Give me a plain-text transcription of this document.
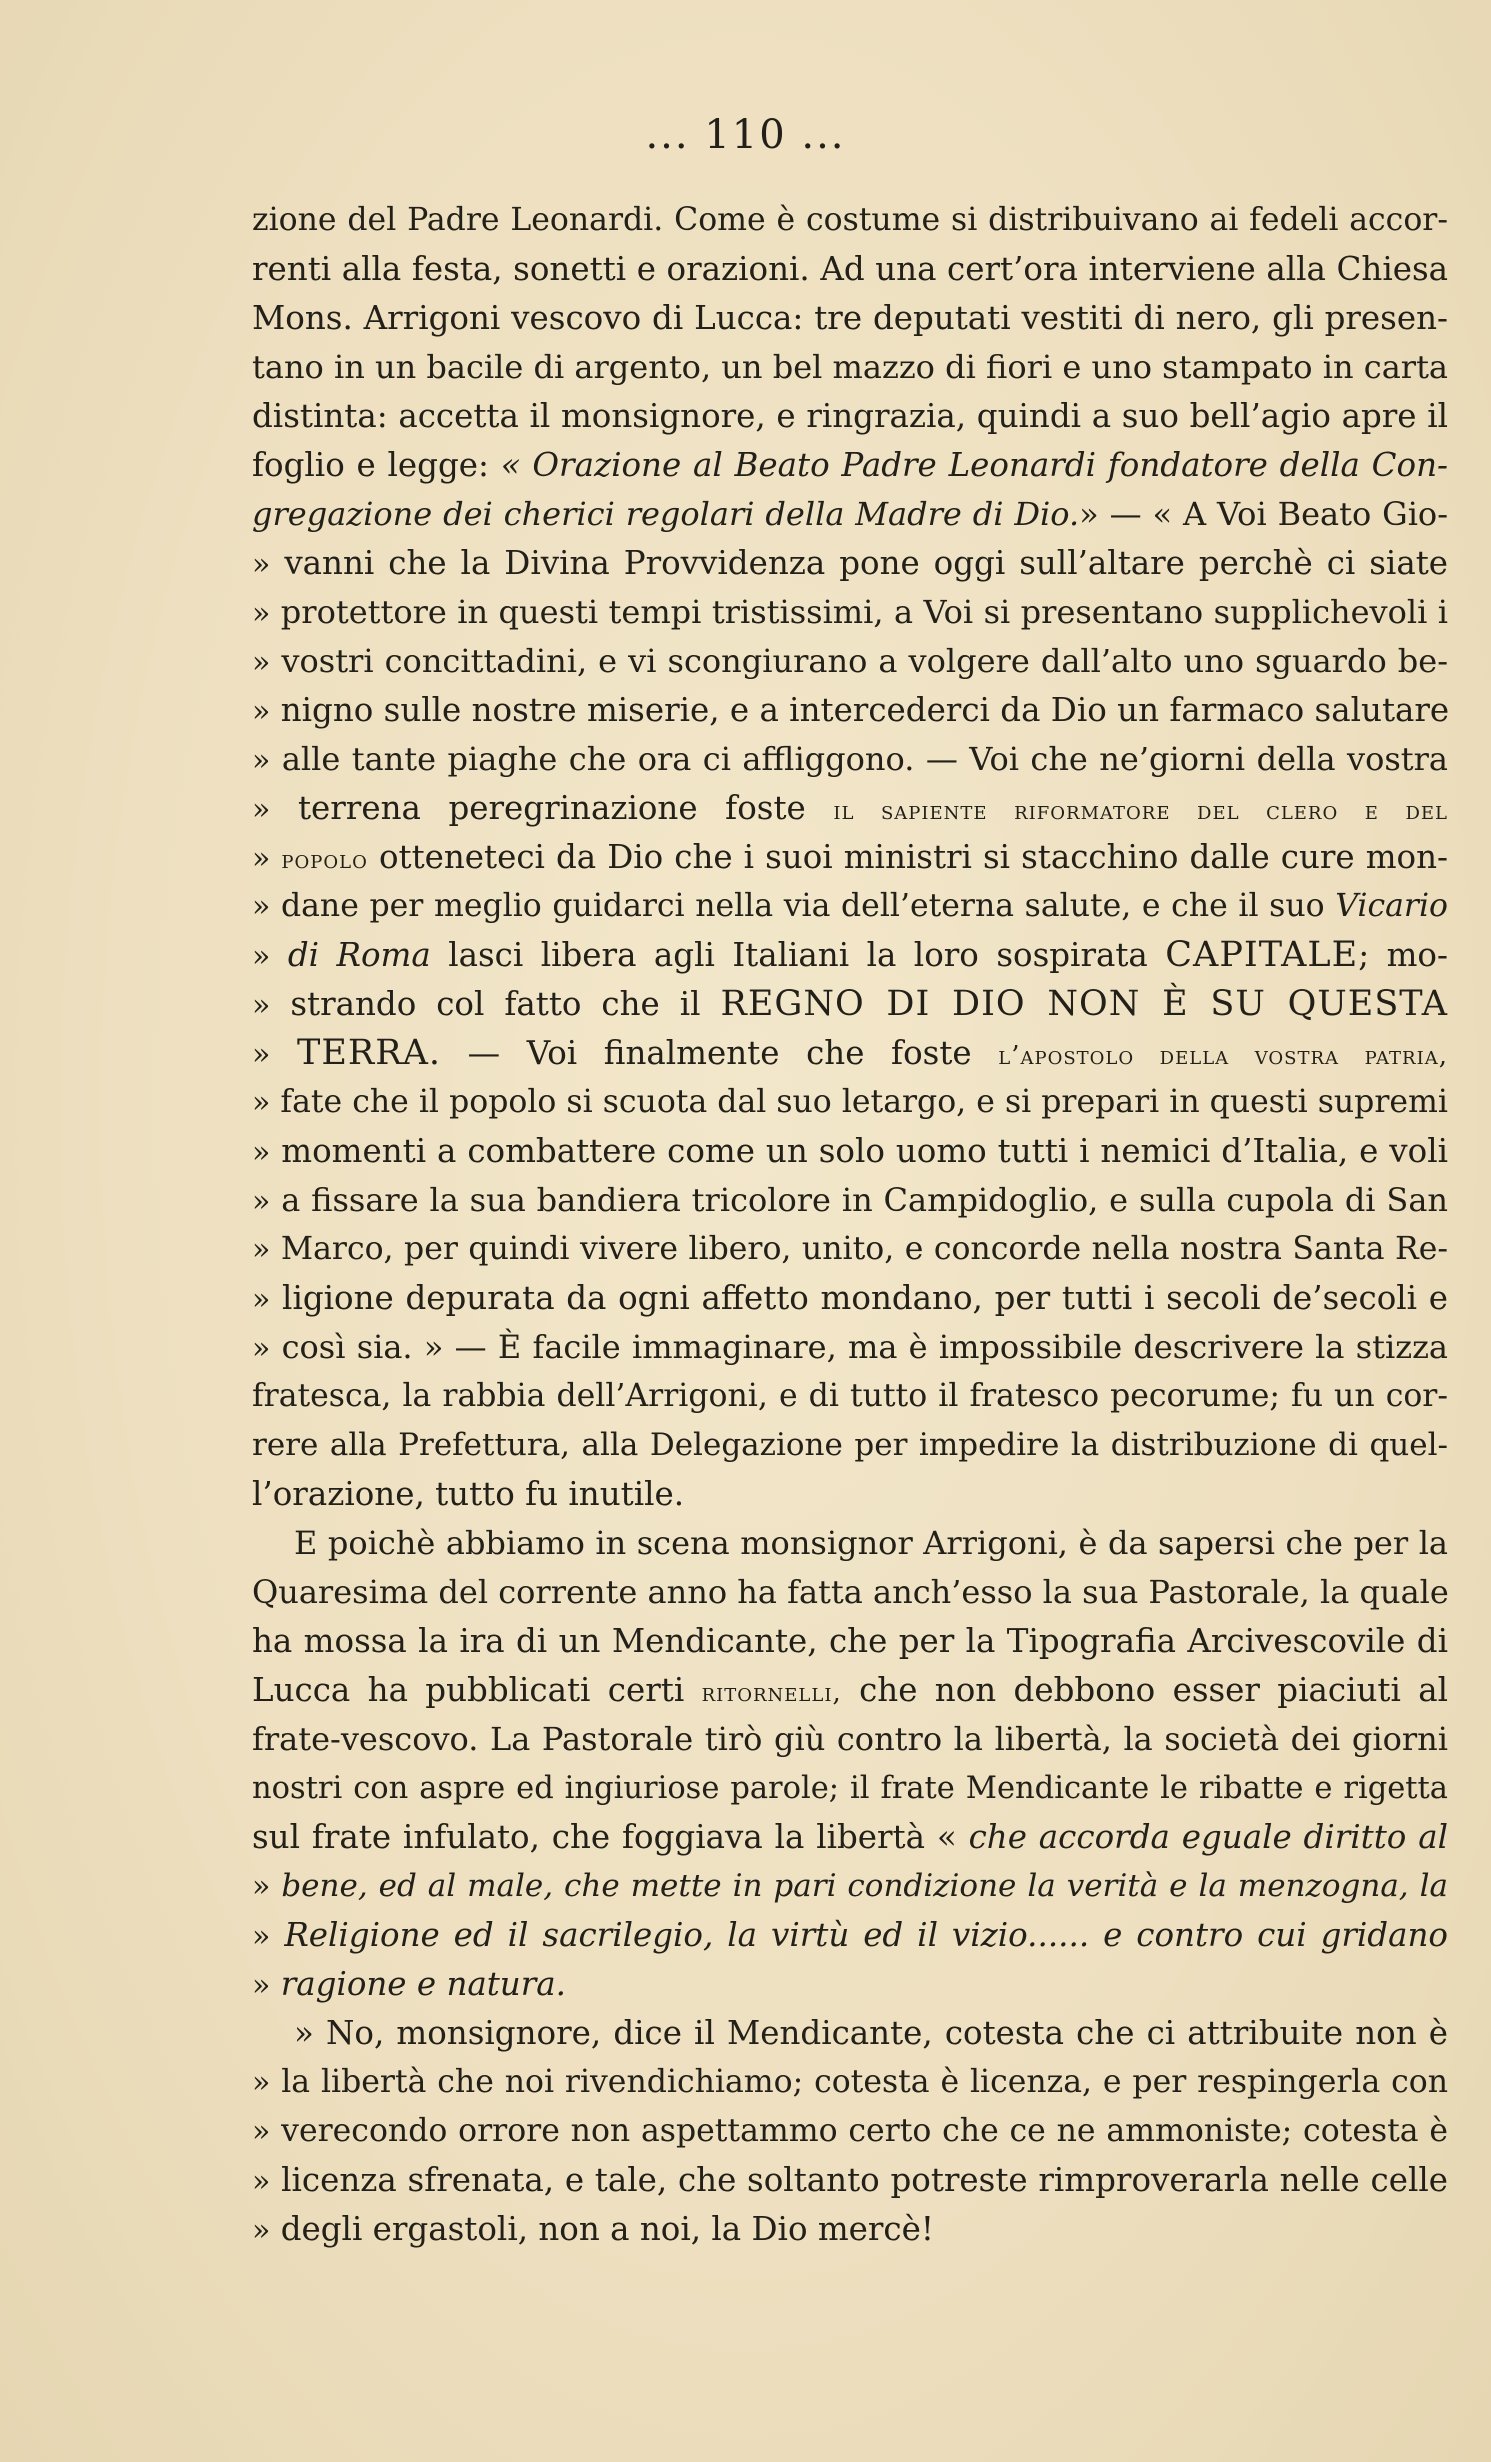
... 110 ...
zione del Padre Leonardi. Come è costume si distribuivano ai fedeli accor-
renti alla festa, sonetti e orazioni. Ad una cert’ora interviene alla Chiesa
Mons. Arrigoni vescovo di Lucca: tre deputati vestiti di nero, gli presen-
tano in un bacile di argento, un bel mazzo di fiori e uno stampato in carta
distinta: accetta il monsignore, e ringrazia, quindi a suo bell’agio apre il
foglio e legge: « Orazione al Beato Padre Leonardi fondatore della Con-
gregazione dei cherici regolari della Madre di Dio.» — « A Voi Beato Gio-
» vanni che la Divina Provvidenza pone oggi sull’altare perchè ci siate
» protettore in questi tempi tristissimi, a Voi si presentano supplichevoli i
» vostri concittadini, e vi scongiurano a volgere dall’alto uno sguardo be-
» nigno sulle nostre miserie, e a intercederci da Dio un farmaco salutare
» alle tante piaghe che ora ci affliggono. — Voi che ne’giorni della vostra
» terrena peregrinazione foste il sapiente riformatore del clero e del
» popolo otteneteci da Dio che i suoi ministri si stacchino dalle cure mon-
» dane per meglio guidarci nella via dell’eterna salute, e che il suo Vicario
» di Roma lasci libera agli Italiani la loro sospirata CAPITALE; mo-
» strando col fatto che il REGNO DI DIO NON È SU QUESTA
» TERRA. — Voi finalmente che foste l’apostolo della vostra patria,
» fate che il popolo si scuota dal suo letargo, e si prepari in questi supremi
» momenti a combattere come un solo uomo tutti i nemici d’Italia, e voli
» a fissare la sua bandiera tricolore in Campidoglio, e sulla cupola di San
» Marco, per quindi vivere libero, unito, e concorde nella nostra Santa Re-
» ligione depurata da ogni affetto mondano, per tutti i secoli de’secoli e
» così sia. » — È facile immaginare, ma è impossibile descrivere la stizza
fratesca, la rabbia dell’Arrigoni, e di tutto il fratesco pecorume; fu un cor-
rere alla Prefettura, alla Delegazione per impedire la distribuzione di quel-
l’orazione, tutto fu inutile.
E poichè abbiamo in scena monsignor Arrigoni, è da sapersi che per la
Quaresima del corrente anno ha fatta anch’esso la sua Pastorale, la quale
ha mossa la ira di un Mendicante, che per la Tipografia Arcivescovile di
Lucca ha pubblicati certi ritornelli, che non debbono esser piaciuti al
frate-vescovo. La Pastorale tirò giù contro la libertà, la società dei giorni
nostri con aspre ed ingiuriose parole; il frate Mendicante le ribatte e rigetta
sul frate infulato, che foggiava la libertà « che accorda eguale diritto al
» bene, ed al male, che mette in pari condizione la verità e la menzogna, la
» Religione ed il sacrilegio, la virtù ed il vizio...... e contro cui gridano
» ragione e natura.
» No, monsignore, dice il Mendicante, cotesta che ci attribuite non è
» la libertà che noi rivendichiamo; cotesta è licenza, e per respingerla con
» verecondo orrore non aspettammo certo che ce ne ammoniste; cotesta è
» licenza sfrenata, e tale, che soltanto potreste rimproverarla nelle celle
» degli ergastoli, non a noi, la Dio mercè!
